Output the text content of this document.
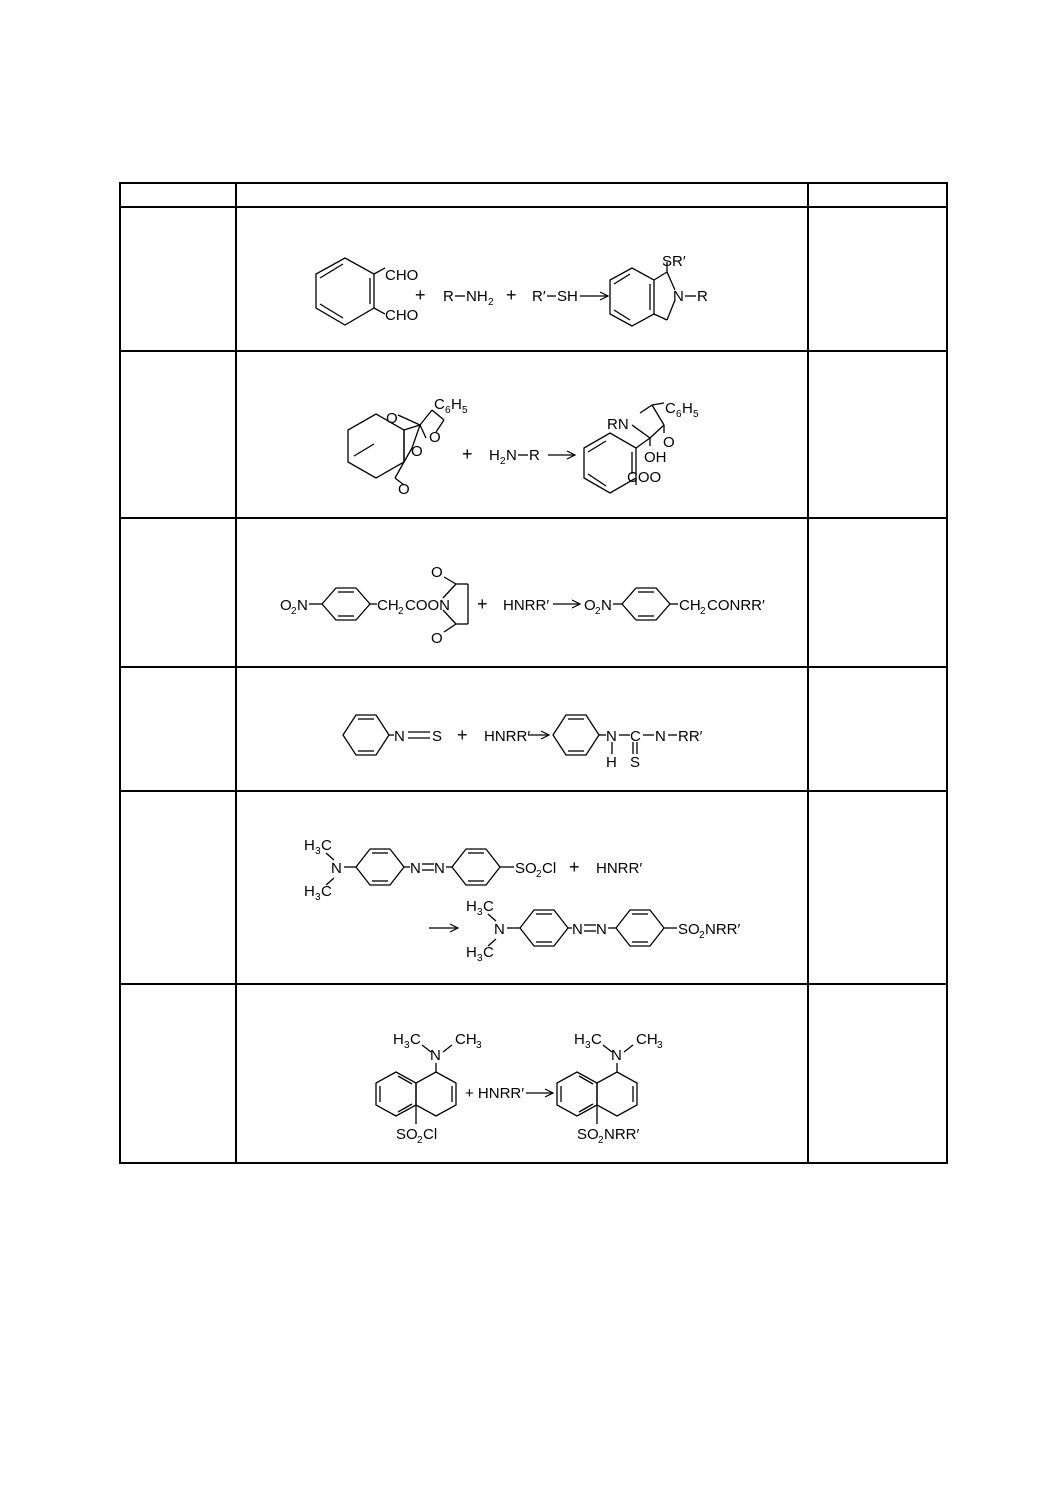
CHO
CHO
+ R NH 2 + R′ SH
SR′
N R
O
C 6 H 5
O
O
O
+ H 2 N R
RN
C 6 H 5
O
OH
COO
O 2 N	CH 2 COON
O
O
+ HNRR′ O 2 N	CH 2 CONRR′
N S + HNRR′	N C N RR′
H S
H 3 C
N
H 3 C
N N	SO 2 Cl + HNRR′
H 3 C
N
H 3 C
N N	SO 2 NRR′
H 3 C CH 3
N
SO 2 Cl
+ HNRR′
H 3 C CH 3
N
SO 2 NRR′
